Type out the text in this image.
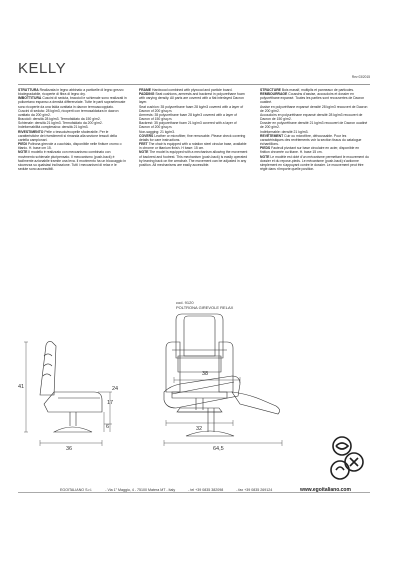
KELLY	Rev 03/2015

STRUTTURA Realizzata in legno abbinato a particelle di legno grezzo biodegradabile, ricoperte di fibra di legno dry.

IMBOTTITURA Cuscini di seduta, braccioli e schienale sono realizzati in poliuretano espanso a densità differenziate. Tutte le parti sopraelencate sono ricoperte da una falda ovattata in dacron termoaccoppiato.

Cuscini di seduta: 28 kg/m3, ricoperti con termosaldatura in dacron ovattato da 200 g/m2.

Braccioli: densità 28 kg/m3. Termofaldato da 150 g/m2.

Schienale: densità 21 kg/m3. Termofaldato da 200 g/m2.

Indeformabilità complessiva: densità 21 kg/m3.

RIVESTIMENTO Pelle o tessuto/ecopelle sfoderabile. Per le caratteristiche dei rivestimenti si rimanda alla sezione tessuti della cartella campionari.

PIEDI Poltrona girevole a cucchiaio, disponibile nelle finiture cromo o titanio. H. base cm 15.

NOTE Il modello è realizzato con meccanismo combinato con movimento schienale pluripensato. Il meccanismo (push-back) è facilmente azionabile tramite una leva. Il movimento ha un bloccaggio in sicurezza su qualsiasi inclinazione. Tutti i meccanismi di relax e le sedute sono accessibili.

FRAME Hardwood combined with plywood and particle board.

PADDING Seat cushions, armrests and backrest in polyurethane foam with varying density. All parts are covered with a flat interlayed Dacron layer.

Seat cushion: 35 polyurethane foam 28 kg/m3 covered with a layer of Dacron of 200 g/sq.m.

Armrests: 35 polyurethane foam 28 kg/m3 covered with a layer of Dacron of 150 g/sq.m.

Backrest: 35 polyurethane foam 21 kg/m3 covered with a layer of Dacron of 200 g/sq.m.

Non-sagging: 21 kg/m3.

COVERS Leather or microfiber, fine removable. Please check covering details for care instructions.

FEET The chair is equipped with a rotation steel circular base, available in chrome or titanium finish. H base: 15 cm.

NOTE The model is equipped with a mechanism allowing the movement of backrest and footrest. This mechanism (push-back) is easily operated by leaning back on the armchair. The movement can be adjusted in any position. All mechanisms are easily accessible.

STRUCTURE Bois massif, multiplis et panneaux de particules.

REMBOURRAGE Coussins d'assise, accoudoirs et dossier en polyuréthane expansé. Toutes les parties sont recouvertes de Dacron ouatiné.

Assise en polyuréthane expansé densité 28 kg/m3 recouvert de Dacron de 200 g/m2.

Accoudoirs en polyuréthane expansé densité 28 kg/m3 recouvert de Dacron de 150 g/m2.

Dossier en polyuréthane densité 21 kg/m3 recouvert de Dacron ouatiné de 200 g/m2.

Indéformable: densité 21 kg/m3.

REVÊTEMENT Cuir ou microfibre, déhoussable. Pour les caractéristiques des revêtements voir la section tissus du catalogue échantillons.

PIEDS Fauteuil pivotant sur base circulaire en acier, disponible en finition chromée ou titane. H. base 15 cm.

NOTE Le modèle est doté d'un mécanisme permettant le mouvement du dossier et du repose-pieds. Le mécanisme (push-back) s'actionne simplement en s'appuyant contre le dossier. Le mouvement peut être réglé dans n'importe quelle position.

cod. 9120
POLTRONA GIREVOLE RELAX
32
41
36
24
17
6
38
64,5
EGOITALIANO S.r.l.	- Via 1° Maggio, 4 - 75100 Matera MT - Italy	- tel +39 0835 382098	- fax +39 0835 269124	www.egoitaliano.com
